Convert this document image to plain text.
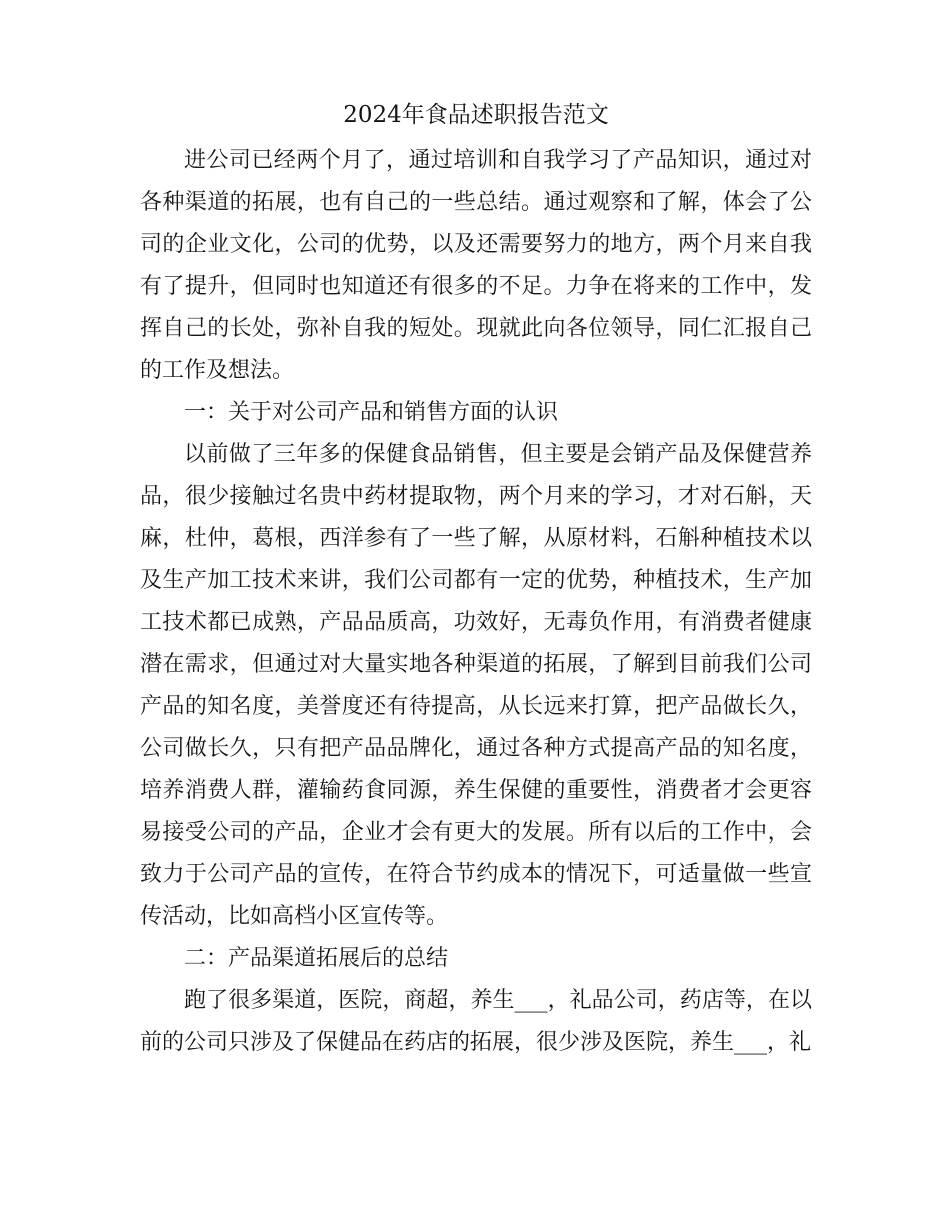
2024年食品述职报告范文

进公司已经两个月了，通过培训和自我学习了产品知识，通过对各种渠道的拓展，也有自己的一些总结。通过观察和了解，体会了公司的企业文化，公司的优势，以及还需要努力的地方，两个月来自我有了提升，但同时也知道还有很多的不足。力争在将来的工作中，发挥自己的长处，弥补自我的短处。现就此向各位领导，同仁汇报自己的工作及想法。

一：关于对公司产品和销售方面的认识

以前做了三年多的保健食品销售，但主要是会销产品及保健营养品，很少接触过名贵中药材提取物，两个月来的学习，才对石斛，天麻，杜仲，葛根，西洋参有了一些了解，从原材料，石斛种植技术以及生产加工技术来讲，我们公司都有一定的优势，种植技术，生产加工技术都已成熟，产品品质高，功效好，无毒负作用，有消费者健康潜在需求，但通过对大量实地各种渠道的拓展，了解到目前我们公司产品的知名度，美誉度还有待提高，从长远来打算，把产品做长久，公司做长久，只有把产品品牌化，通过各种方式提高产品的知名度，培养消费人群，灌输药食同源，养生保健的重要性，消费者才会更容易接受公司的产品，企业才会有更大的发展。所有以后的工作中，会致力于公司产品的宣传，在符合节约成本的情况下，可适量做一些宣传活动，比如高档小区宣传等。

二：产品渠道拓展后的总结

跑了很多渠道，医院，商超，养生___，礼品公司，药店等，在以前的公司只涉及了保健品在药店的拓展，很少涉及医院，养生___，礼
